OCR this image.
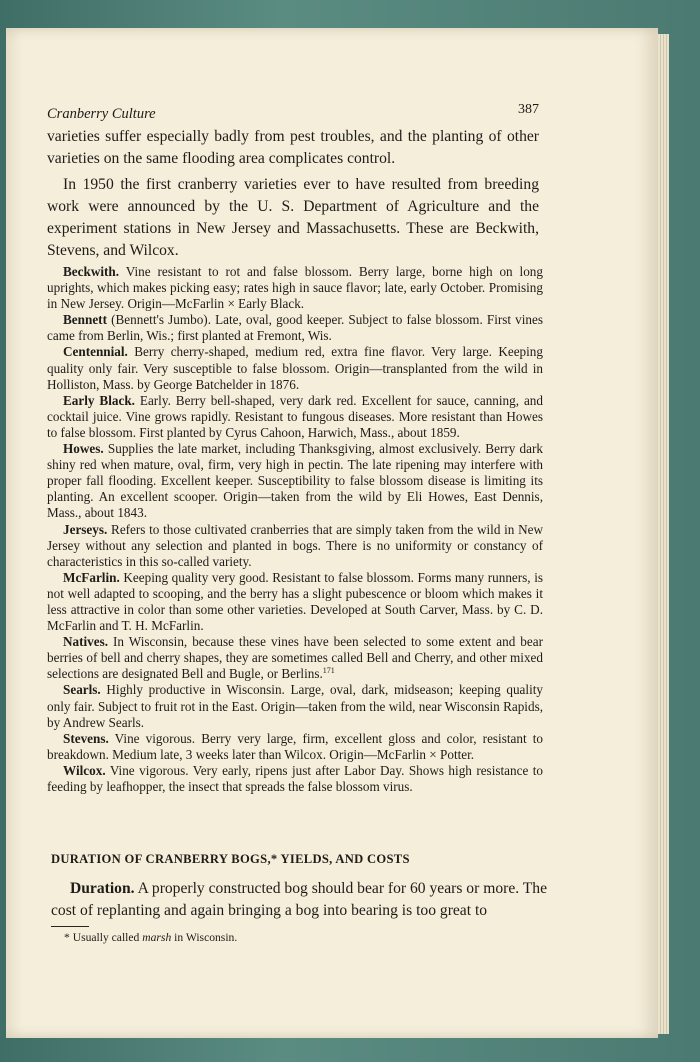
Cranberry Culture	387

varieties suffer especially badly from pest troubles, and the planting of other varieties on the same flooding area complicates control.

In 1950 the first cranberry varieties ever to have resulted from breeding work were announced by the U. S. Department of Agriculture and the experiment stations in New Jersey and Massachusetts. These are Beckwith, Stevens, and Wilcox.

Beckwith. Vine resistant to rot and false blossom. Berry large, borne high on long uprights, which makes picking easy; rates high in sauce flavor; late, early October. Promising in New Jersey. Origin—McFarlin × Early Black.

Bennett (Bennett's Jumbo). Late, oval, good keeper. Subject to false blossom. First vines came from Berlin, Wis.; first planted at Fremont, Wis.

Centennial. Berry cherry-shaped, medium red, extra fine flavor. Very large. Keeping quality only fair. Very susceptible to false blossom. Origin—transplanted from the wild in Holliston, Mass. by George Batchelder in 1876.

Early Black. Early. Berry bell-shaped, very dark red. Excellent for sauce, canning, and cocktail juice. Vine grows rapidly. Resistant to fungous diseases. More resistant than Howes to false blossom. First planted by Cyrus Cahoon, Harwich, Mass., about 1859.

Howes. Supplies the late market, including Thanksgiving, almost exclusively. Berry dark shiny red when mature, oval, firm, very high in pectin. The late ripening may interfere with proper fall flooding. Excellent keeper. Susceptibility to false blossom disease is limiting its planting. An excellent scooper. Origin—taken from the wild by Eli Howes, East Dennis, Mass., about 1843.

Jerseys. Refers to those cultivated cranberries that are simply taken from the wild in New Jersey without any selection and planted in bogs. There is no uniformity or constancy of characteristics in this so-called variety.

McFarlin. Keeping quality very good. Resistant to false blossom. Forms many runners, is not well adapted to scooping, and the berry has a slight pubescence or bloom which makes it less attractive in color than some other varieties. Developed at South Carver, Mass. by C. D. McFarlin and T. H. McFarlin.

Natives. In Wisconsin, because these vines have been selected to some extent and bear berries of bell and cherry shapes, they are sometimes called Bell and Cherry, and other mixed selections are designated Bell and Bugle, or Berlins.$^{171}$

Searls. Highly productive in Wisconsin. Large, oval, dark, midseason; keeping quality only fair. Subject to fruit rot in the East. Origin—taken from the wild, near Wisconsin Rapids, by Andrew Searls.

Stevens. Vine vigorous. Berry very large, firm, excellent gloss and color, resistant to breakdown. Medium late, 3 weeks later than Wilcox. Origin—McFarlin × Potter.

Wilcox. Vine vigorous. Very early, ripens just after Labor Day. Shows high resistance to feeding by leafhopper, the insect that spreads the false blossom virus.

DURATION OF CRANBERRY BOGS,* YIELDS, AND COSTS

Duration. A properly constructed bog should bear for 60 years or more. The cost of replanting and again bringing a bog into bearing is too great to

* Usually called marsh in Wisconsin.
